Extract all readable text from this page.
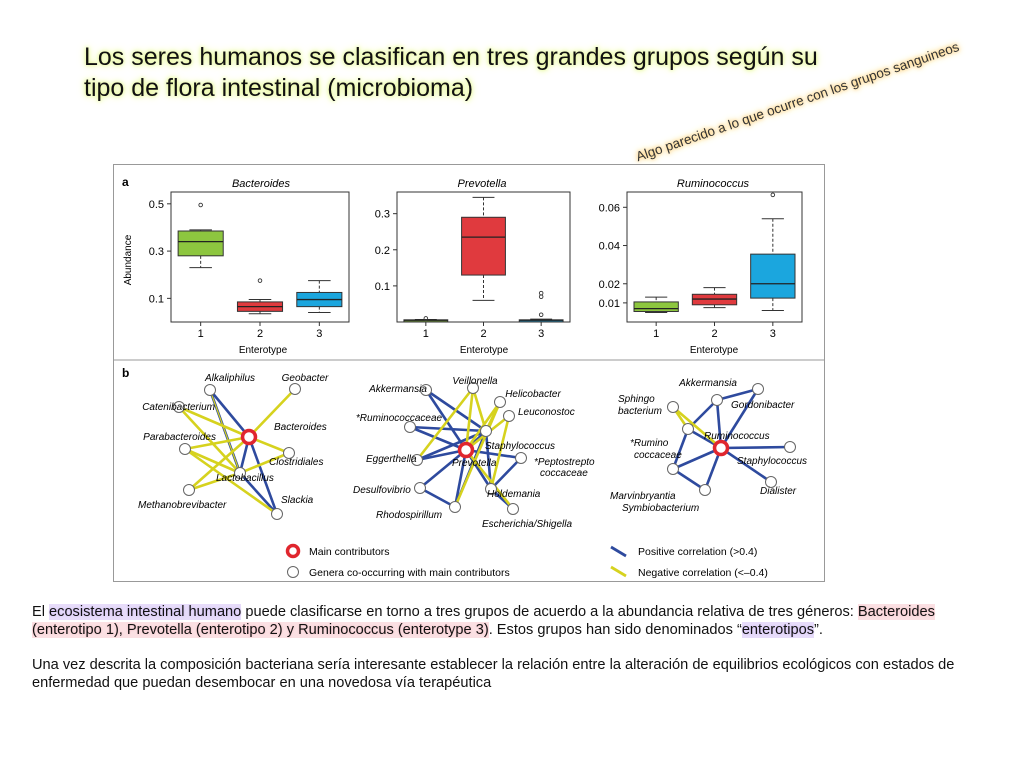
Los seres humanos se clasifican en tres grandes grupos según su
tipo de flora intestinal (microbioma)	Algo parecido a lo que ocurre con los grupos sanguineos
a
b
Bacteroides
Abundance
Enterotype
0.1
0.3
0.5
1	2	3
Prevotella
Enterotype
0.1
0.2
0.3
1	2	3
Ruminococcus
Enterotype
0.01
0.02
0.04
0.06
1	2	3
Alkaliphilus	Geobacter
Catenibacterium
Parabacteroides
Bacteroides
Clostridiales
Lactobacillus
Slackia
Methanobrevibacter
Akkermansia
Veillonella
Helicobacter
*Ruminococcaceae
Leuconostoc
Staphylococcus
Eggerthella	Prevotella	*Peptostrepto
coccaceae
Desulfovibrio	Holdemania
Rhodospirillum
Escherichia/Shigella
Akkermansia
Sphingo
bacterium
Gordonibacter
Ruminococcus
*Rumino
coccaceae
Staphylococcus
Dialister
Marvinbryantia
Symbiobacterium
Main contributors
Genera co-occurring with main contributors
Positive correlation (>0.4)
Negative correlation (<–0.4)

El ecosistema intestinal humano puede clasificarse en torno a tres grupos de acuerdo a la abundancia relativa de tres géneros: Bacteroides (enterotipo 1), Prevotella (enterotipo 2) y Ruminococcus (enterotype 3). Estos grupos han sido denominados “enterotipos”.

Una vez descrita la composición bacteriana sería interesante establecer la relación entre la alteración de equilibrios ecológicos con estados de enfermedad que puedan desembocar en una novedosa vía terapéutica
